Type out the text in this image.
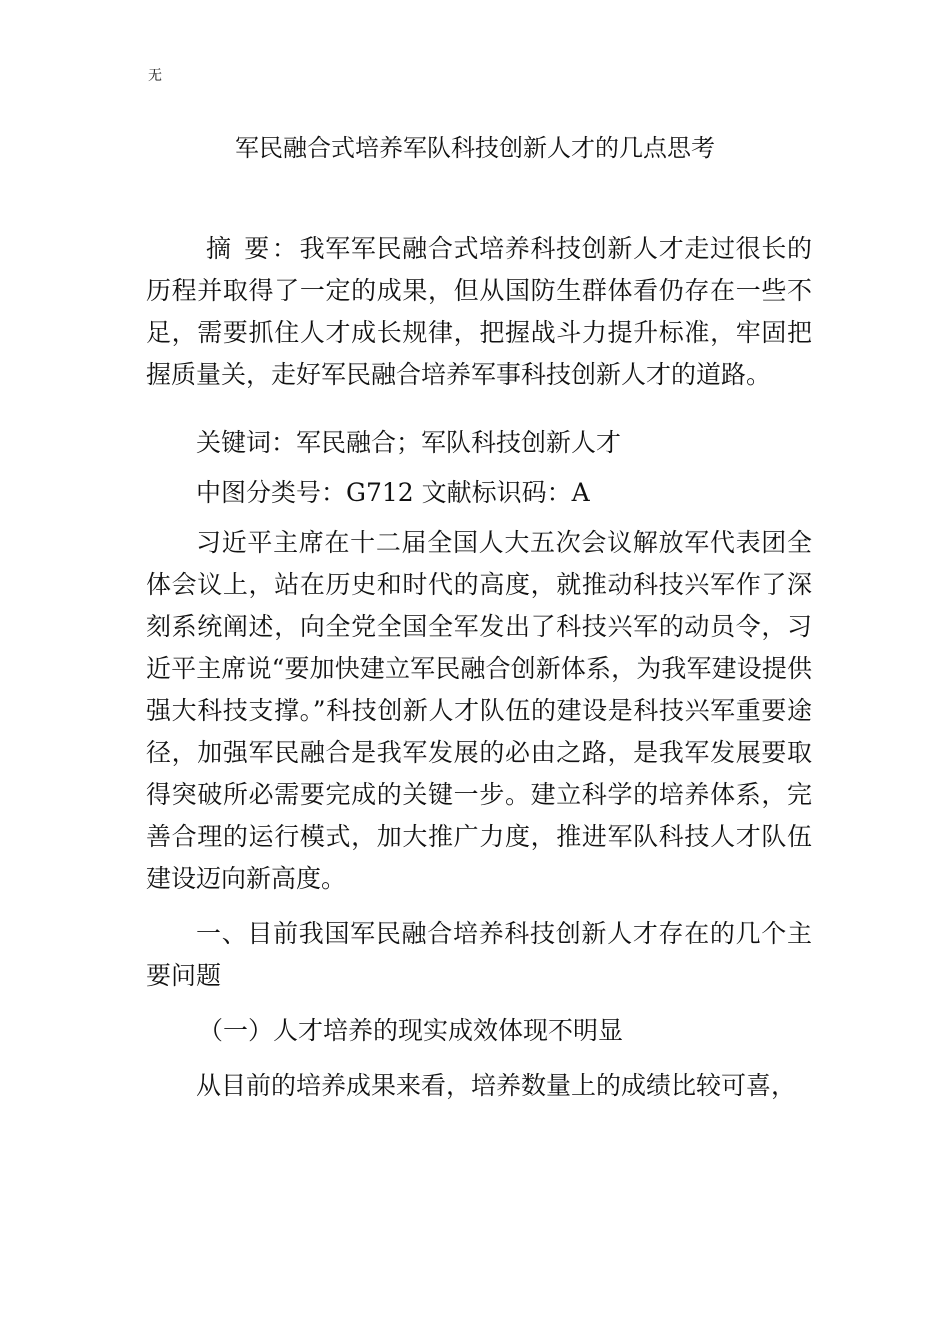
无
军民融合式培养军队科技创新人才的几点思考

摘 要：我军军民融合式培养科技创新人才走过很长的历程并取得了一定的成果，但从国防生群体看仍存在一些不足，需要抓住人才成长规律，把握战斗力提升标准，牢固把握质量关，走好军民融合培养军事科技创新人才的道路。

关键词：军民融合；军队科技创新人才

中图分类号：G712 文献标识码：A

习近平主席在十二届全国人大五次会议解放军代表团全体会议上，站在历史和时代的高度，就推动科技兴军作了深刻系统阐述，向全党全国全军发出了科技兴军的动员令，习近平主席说“要加快建立军民融合创新体系，为我军建设提供强大科技支撑。”科技创新人才队伍的建设是科技兴军重要途径，加强军民融合是我军发展的必由之路，是我军发展要取得突破所必需要完成的关键一步。建立科学的培养体系，完善合理的运行模式，加大推广力度，推进军队科技人才队伍建设迈向新高度。

一、目前我国军民融合培养科技创新人才存在的几个主要问题

（一）人才培养的现实成效体现不明显

从目前的培养成果来看，培养数量上的成绩比较可喜，
